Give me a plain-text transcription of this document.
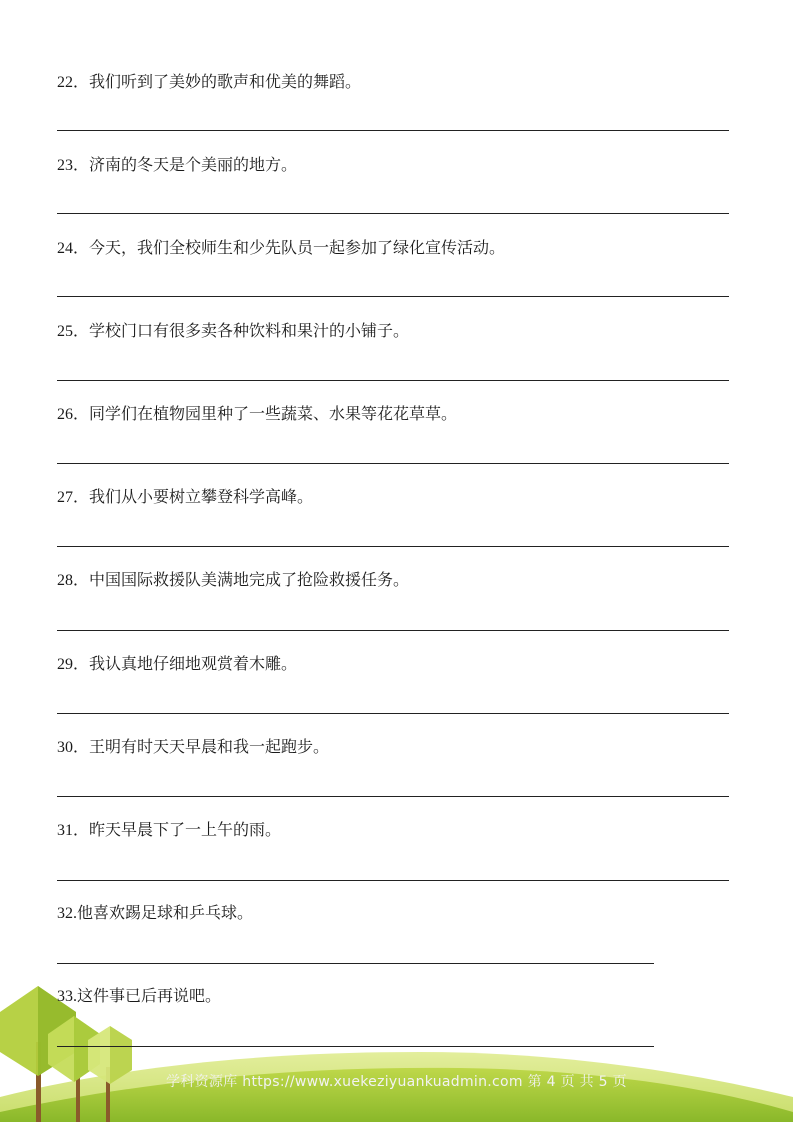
22．我们听到了美妙的歌声和优美的舞蹈。
23．济南的冬天是个美丽的地方。
24．今天，我们全校师生和少先队员一起参加了绿化宣传活动。
25．学校门口有很多卖各种饮料和果汁的小铺子。
26．同学们在植物园里种了一些蔬菜、水果等花花草草。
27．我们从小要树立攀登科学高峰。
28．中国国际救援队美满地完成了抢险救援任务。
29．我认真地仔细地观赏着木雕。
30．王明有时天天早晨和我一起跑步。
31．昨天早晨下了一上午的雨。
32.他喜欢踢足球和乒乓球。
33.这件事已后再说吧。
学科资源库 https://www.xuekeziyuankuadmin.com 第 4 页 共 5 页
